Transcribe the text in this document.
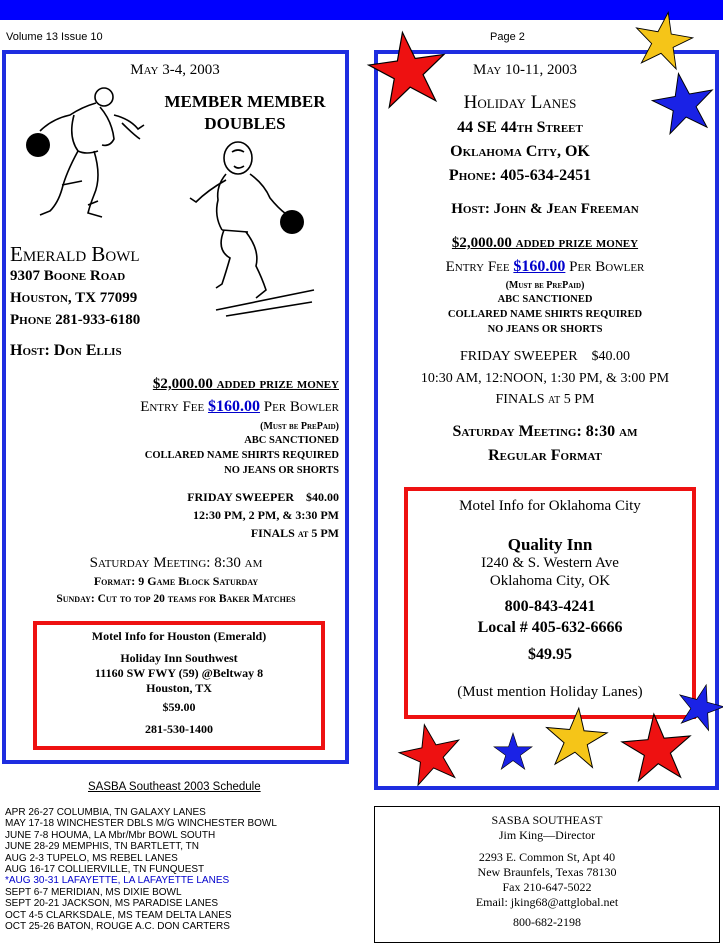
Volume 13 Issue 10	Page 2
May 3-4, 2003
MEMBER MEMBER
DOUBLES
Emerald Bowl
9307 Boone Road
Houston, TX 77099
Phone 281-933-6180
Host: Don Ellis
$2,000.00 added prize money
Entry Fee $160.00 Per Bowler
(Must be PrePaid)
ABC SANCTIONED
COLLARED NAME SHIRTS REQUIRED
NO JEANS OR SHORTS
FRIDAY SWEEPER    $40.00
12:30 PM, 2 PM, & 3:30 PM
FINALS at 5 PM
Saturday Meeting: 8:30 am
Format: 9 Game Block Saturday
Sunday: Cut to top 20 teams for Baker Matches
Motel Info for Houston (Emerald)
Holiday Inn Southwest
11160 SW FWY (59) @Beltway 8
Houston, TX
$59.00
281-530-1400
May 10-11, 2003
Holiday Lanes
44 SE 44th Street
Oklahoma City, OK
Phone: 405-634-2451
Host: John & Jean Freeman
$2,000.00 added prize money
Entry Fee $160.00 Per Bowler
(Must be PrePaid)
ABC SANCTIONED
COLLARED NAME SHIRTS REQUIRED
NO JEANS OR SHORTS
FRIDAY SWEEPER    $40.00
10:30 AM, 12:NOON, 1:30 PM, & 3:00 PM
FINALS at 5 PM
Saturday Meeting: 8:30 am
Regular Format
Motel Info for Oklahoma City
Quality Inn
I240 & S. Western Ave
Oklahoma City, OK
800-843-4241
Local # 405-632-6666
$49.95
(Must mention Holiday Lanes)
SASBA Southeast 2003 Schedule
APR 26-27 COLUMBIA, TN GALAXY LANES
MAY 17-18 WINCHESTER DBLS M/G WINCHESTER BOWL
JUNE 7-8 HOUMA, LA Mbr/Mbr BOWL SOUTH
JUNE 28-29 MEMPHIS, TN BARTLETT, TN
AUG 2-3 TUPELO, MS REBEL LANES
AUG 16-17 COLLIERVILLE, TN FUNQUEST
*AUG 30-31 LAFAYETTE, LA LAFAYETTE LANES
SEPT 6-7 MERIDIAN, MS DIXIE BOWL
SEPT 20-21 JACKSON, MS PARADISE LANES
OCT 4-5 CLARKSDALE, MS TEAM DELTA LANES
OCT 25-26 BATON, ROUGE A.C. DON CARTERS
SASBA SOUTHEAST
Jim King—Director
2293 E. Common St, Apt 40
New Braunfels, Texas 78130
Fax 210-647-5022
Email: jking68@attglobal.net
800-682-2198
